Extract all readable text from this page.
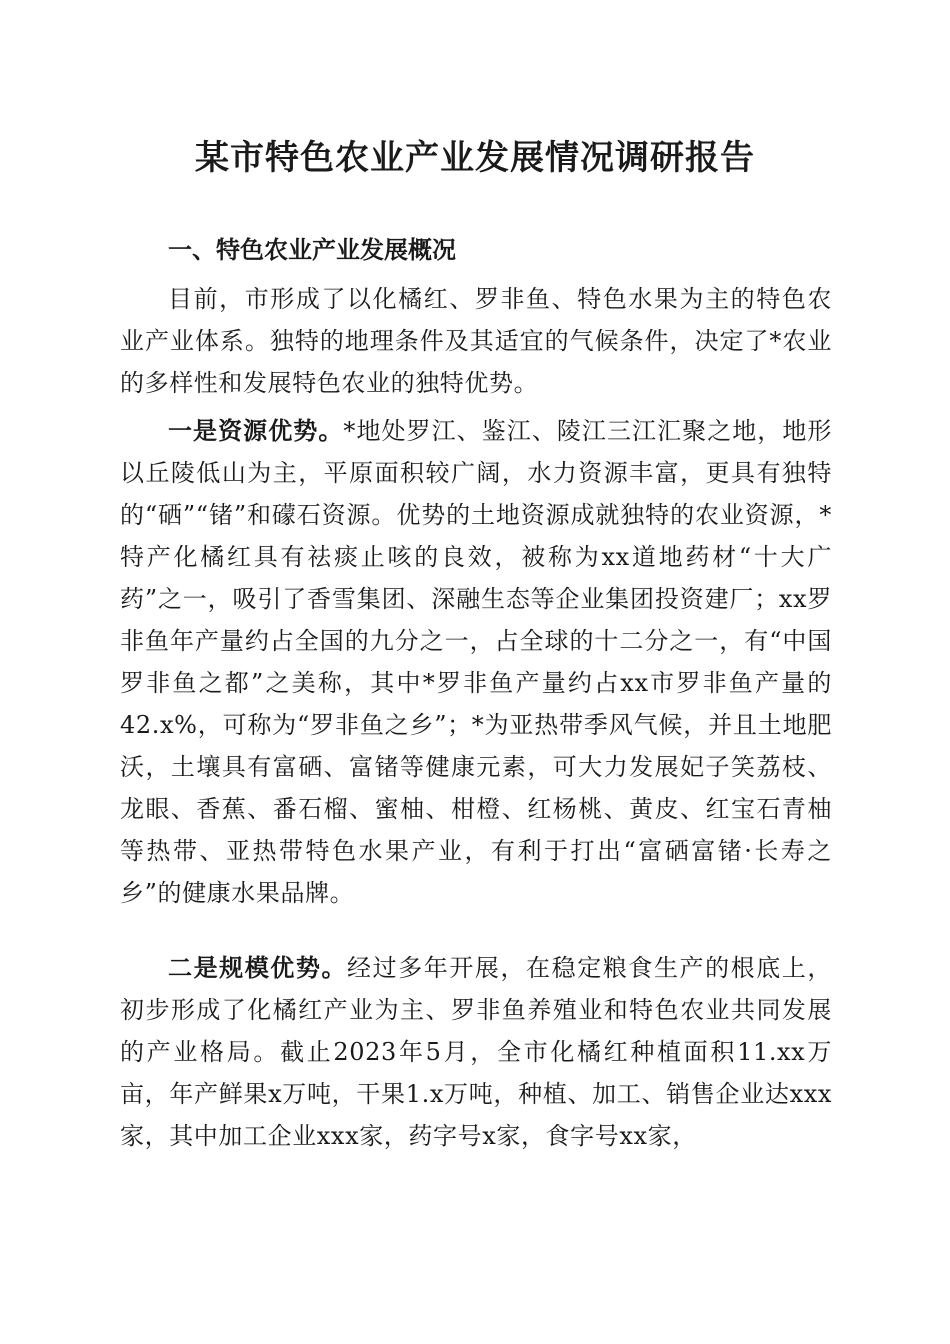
某市特色农业产业发展情况调研报告
一、特色农业产业发展概况

目前，市形成了以化橘红、罗非鱼、特色水果为主的特色农业产业体系。独特的地理条件及其适宜的气候条件，决定了*农业的多样性和发展特色农业的独特优势。

一是资源优势。*地处罗江、鉴江、陵江三江汇聚之地，地形以丘陵低山为主，平原面积较广阔，水力资源丰富，更具有独特的“硒”“锗”和礞石资源。优势的土地资源成就独特的农业资源，*特产化橘红具有祛痰止咳的良效，被称为xx道地药材“十大广药”之一，吸引了香雪集团、深融生态等企业集团投资建厂；xx罗非鱼年产量约占全国的九分之一，占全球的十二分之一，有“中国罗非鱼之都”之美称，其中*罗非鱼产量约占xx市罗非鱼产量的42.x%，可称为“罗非鱼之乡”；*为亚热带季风气候，并且土地肥沃，土壤具有富硒、富锗等健康元素，可大力发展妃子笑荔枝、龙眼、香蕉、番石榴、蜜柚、柑橙、红杨桃、黄皮、红宝石青柚等热带、亚热带特色水果产业，有利于打出“富硒富锗·长寿之乡”的健康水果品牌。

二是规模优势。经过多年开展，在稳定粮食生产的根底上，初步形成了化橘红产业为主、罗非鱼养殖业和特色农业共同发展的产业格局。截止2023年5月，全市化橘红种植面积11.xx万亩，年产鲜果x万吨，干果1.x万吨，种植、加工、销售企业达xxx家，其中加工企业xxx家，药字号x家，食字号xx家，
